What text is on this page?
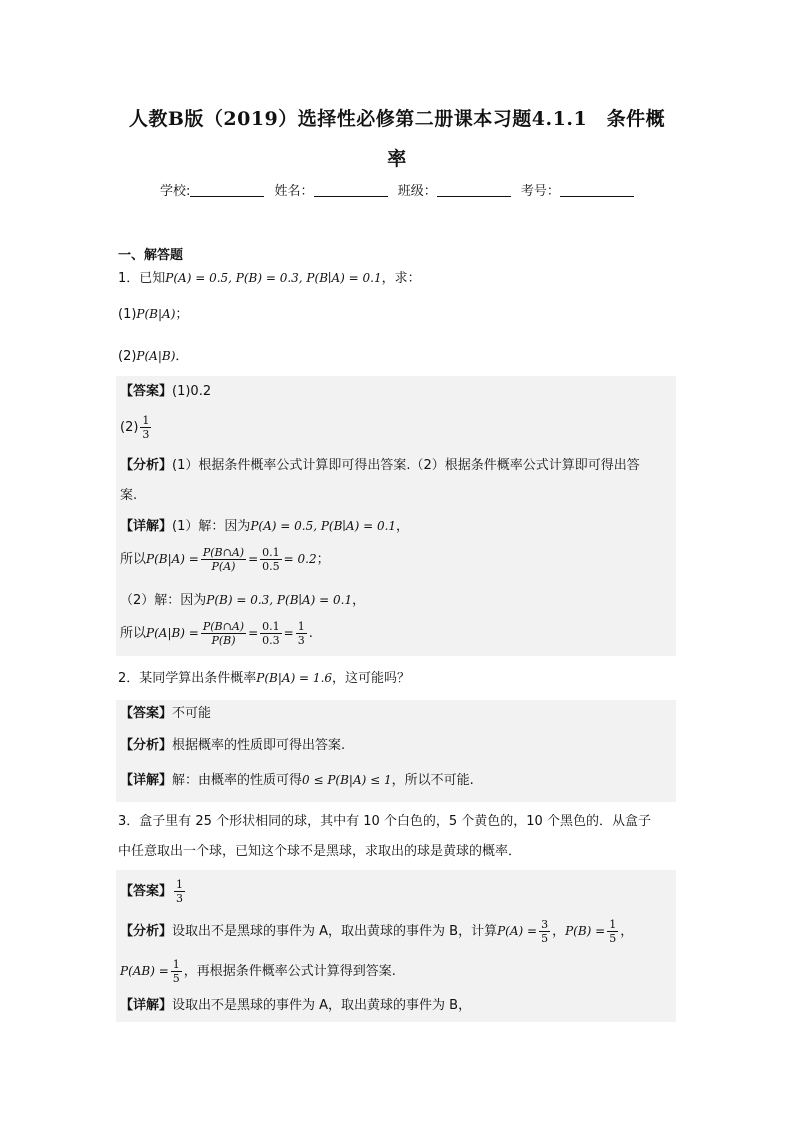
人教B版（2019）选择性必修第二册课本习题4.1.1　条件概
率
学校:	姓名：	班级：	考号：
一、解答题
1．已知P(A) = 0.5, P(B) = 0.3, P(B∣A) = 0.1，求：
(1)P(B|A)；
(2)P(A|B)．
【答案】(1)0.2
$(2) \frac{1}{3}$
【分析】(1）根据条件概率公式计算即可得出答案.（2）根据条件概率公式计算即可得出答
案.
【详解】(1）解：因为P(A) = 0.5, P(B∣A) = 0.1，
所以$P(B|A) = \frac{P(B\cap A)}{P(A)} = \frac{0.1}{0.5} = 0.2$；
（2）解：因为P(B) = 0.3, P(B∣A) = 0.1，
所以$P(A|B) = \frac{P(B\cap A)}{P(B)} = \frac{0.1}{0.3} = \frac{1}{3}$ .
2．某同学算出条件概率P(B|A) = 1.6，这可能吗？
【答案】不可能
【分析】根据概率的性质即可得出答案.
【详解】解：由概率的性质可得0 ≤ P(B|A) ≤ 1，所以不可能.
3．盒子里有 25 个形状相同的球，其中有 10 个白色的，5 个黄色的，10 个黑色的．从盒子
中任意取出一个球，已知这个球不是黑球，求取出的球是黄球的概率．
【答案】 $\frac{1}{3}$
【分析】设取出不是黑球的事件为 A，取出黄球的事件为 B，计算$P(A) = \frac{3}{5}$ ，$P(B) = \frac{1}{5}$ ，
$P(AB) = \frac{1}{5}$ ，再根据条件概率公式计算得到答案.
【详解】设取出不是黑球的事件为 A，取出黄球的事件为 B，
